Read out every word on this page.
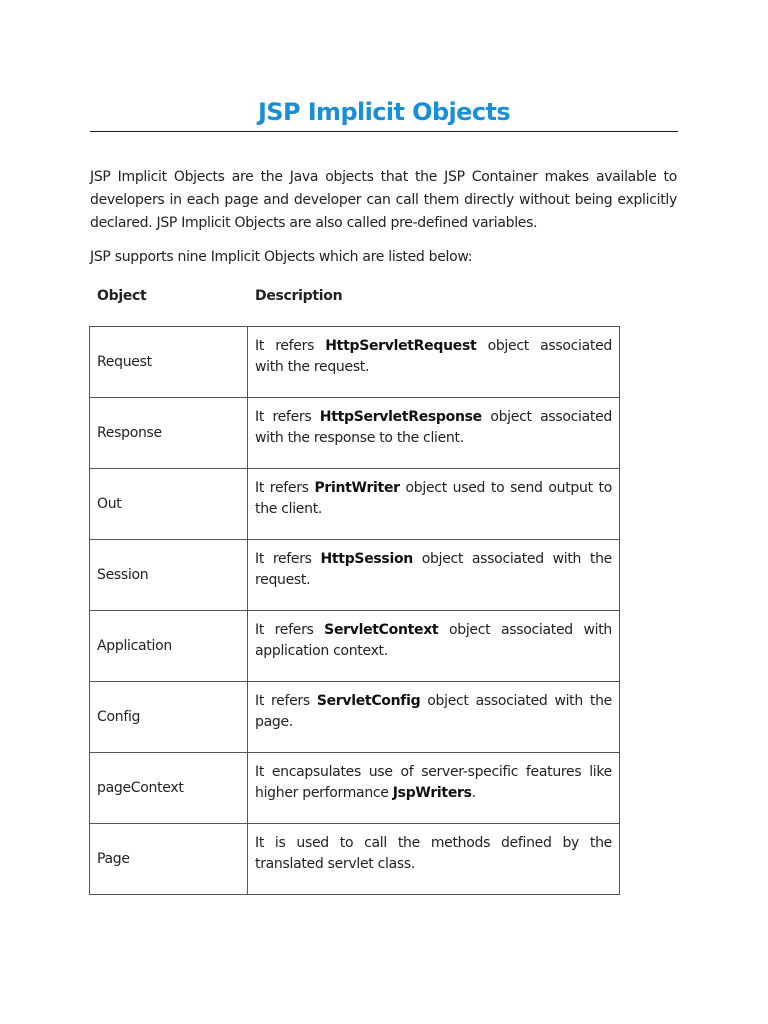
JSP Implicit Objects

JSP Implicit Objects are the Java objects that the JSP Container makes available to developers in each page and developer can call them directly without being explicitly declared. JSP Implicit Objects are also called pre-defined variables.

JSP supports nine Implicit Objects which are listed below:

Object	Description
Request	It refers HttpServletRequest object associated with the request.

Response	It refers HttpServletResponse object associated with the response to the client.

Out	It refers PrintWriter object used to send output to the client.

Session	It refers HttpSession object associated with the request.

Application	It refers ServletContext object associated with application context.

Config	It refers ServletConfig object associated with the page.

pageContext	It encapsulates use of server-specific features like higher performance JspWriters.

Page	It is used to call the methods defined by the translated servlet class.
